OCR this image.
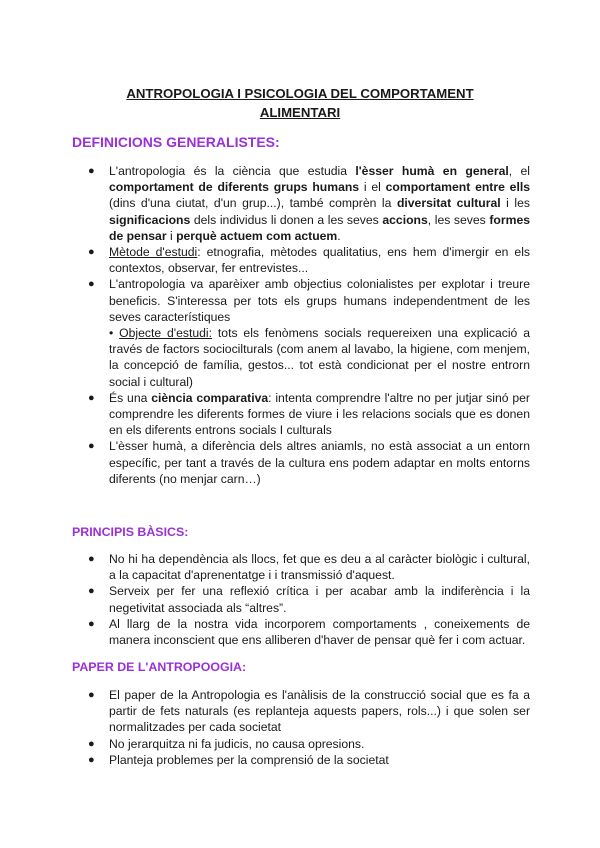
ANTROPOLOGIA I PSICOLOGIA DEL COMPORTAMENT
ALIMENTARI
DEFINICIONS GENERALISTES:
● L'antropologia és la ciència que estudia l'èsser humà en general, el comportament de diferents grups humans i el comportament entre ells (dins d'una ciutat, d'un grup...), també comprèn la diversitat cultural i les significacions dels individus li donen a les seves accions, les seves formes de pensar i perquè actuem com actuem.
● Mètode d'estudi: etnografia, mètodes qualitatius, ens hem d'imergir en els contextos, observar, fer entrevistes...
● L'antropologia va aparèixer amb objectius colonialistes per explotar i treure beneficis. S'interessa per tots els grups humans independentment de les seves característiques
• Objecte d'estudi: tots els fenòmens socials requereixen una explicació a través de factors sociocilturals (com anem al lavabo, la higiene, com menjem, la concepció de família, gestos... tot està condicionat per el nostre entrorn social i cultural)
● És una ciència comparativa: intenta comprendre l'altre no per jutjar sinó per comprendre les diferents formes de viure i les relacions socials que es donen en els diferents entrons socials I culturals
● L'èsser humà, a diferència dels altres aniamls, no està associat a un entorn específic, per tant a través de la cultura ens podem adaptar en molts entorns diferents (no menjar carn…)
PRINCIPIS BÀSICS:
● No hi ha dependència als llocs, fet que es deu a al caràcter biològic i cultural, a la capacitat d'aprenentatge i i transmissió d'aquest.
● Serveix per fer una reflexió crítica i per acabar amb la indiferència i la negetivitat associada als “altres”.
● Al llarg de la nostra vida incorporem comportaments , coneixements de manera inconscient que ens alliberen d'haver de pensar què fer i com actuar.
PAPER DE L'ANTROPOOGIA:
● El paper de la Antropologia es l'anàlisis de la construcció social que es fa a partir de fets naturals (es replanteja aquests papers, rols...) i que solen ser normalitzades per cada societat
● No jerarquitza ni fa judicis, no causa opresions.
● Planteja problemes per la comprensió de la societat
